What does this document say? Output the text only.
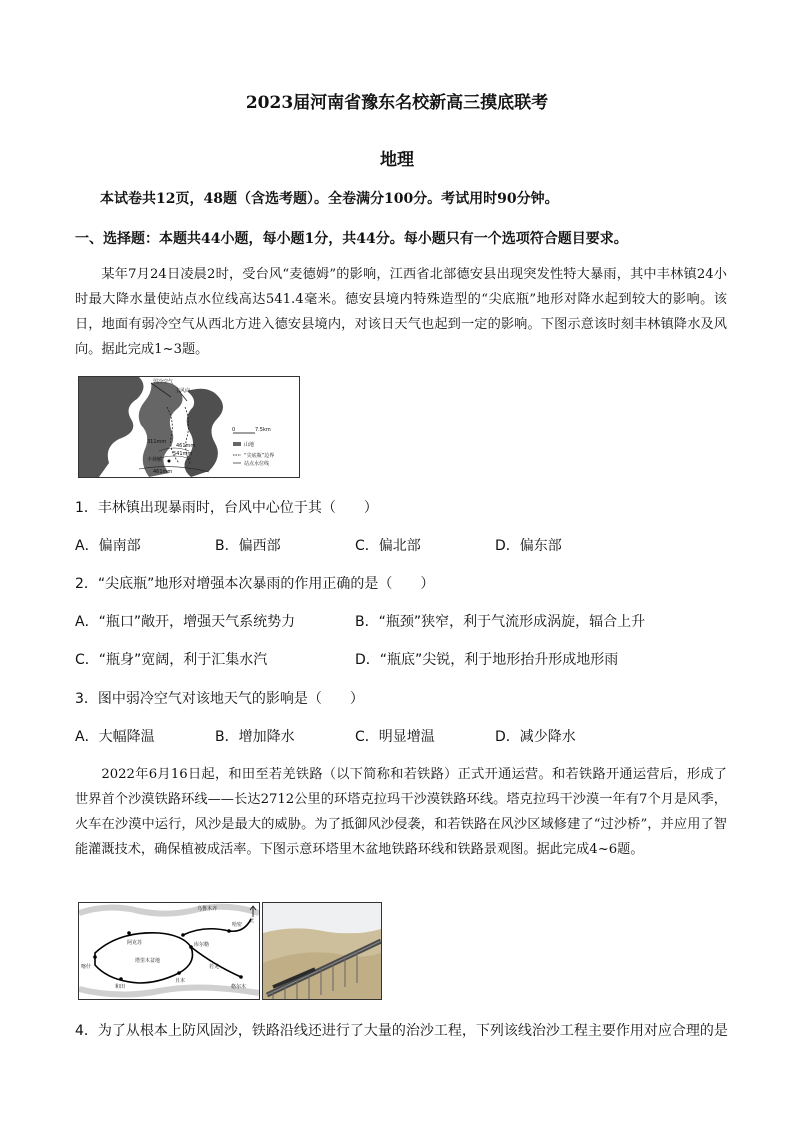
2023届河南省豫东名校新高三摸底联考
地理
本试卷共12页，48题（含选考题）。全卷满分100分。考试用时90分钟。
一、选择题：本题共44小题，每小题1分，共44分。每小题只有一个选项符合题目要求。
某年7月24日凌晨2时，受台风“麦德姆”的影响，江西省北部德安县出现突发性特大暴雨，其中丰林镇24小时最大降水量使站点水位线高达541.4毫米。德安县境内特殊造型的“尖底瓶”地形对降水起到较大的影响。该日，地面有弱冷空气从西北方进入德安县境内，对该日天气也起到一定的影响。下图示意该时刻丰林镇降水及风向。据此完成1~3题。
弱冷空气
主风向
311mm
461mm
541mm
丰林镇
461mm
0	7.5km
山地
“尖底瓶”边界
站点水位线
1．丰林镇出现暴雨时，台风中心位于其（　　）
A．偏南部	B．偏西部	C．偏北部	D．偏东部
2．“尖底瓶”地形对增强本次暴雨的作用正确的是（　　）
A．“瓶口”敞开，增强天气系统势力	B．“瓶颈”狭窄，利于气流形成涡旋，辐合上升
C．“瓶身”宽阔，利于汇集水汽	D．“瓶底”尖锐，利于地形抬升形成地形雨
3．图中弱冷空气对该地天气的影响是（　　）
A．大幅降温	B．增加降水	C．明显增温	D．减少降水
2022年6月16日起，和田至若羌铁路（以下简称和若铁路）正式开通运营。和若铁路开通运营后，形成了世界首个沙漠铁路环线——长达2712公里的环塔克拉玛干沙漠铁路环线。塔克拉玛干沙漠一年有7个月是风季，火车在沙漠中运行，风沙是最大的威胁。为了抵御风沙侵袭，和若铁路在风沙区域修建了“过沙桥”，并应用了智能灌溉技术，确保植被成活率。下图示意环塔里木盆地铁路环线和铁路景观图。据此完成4~6题。
乌鲁木齐
哈密
喀什
阿克苏	库尔勒
塔里木盆地
和田
且末
若羌
格尔木
北
4．为了从根本上防风固沙，铁路沿线还进行了大量的治沙工程，下列该线治沙工程主要作用对应合理的是
